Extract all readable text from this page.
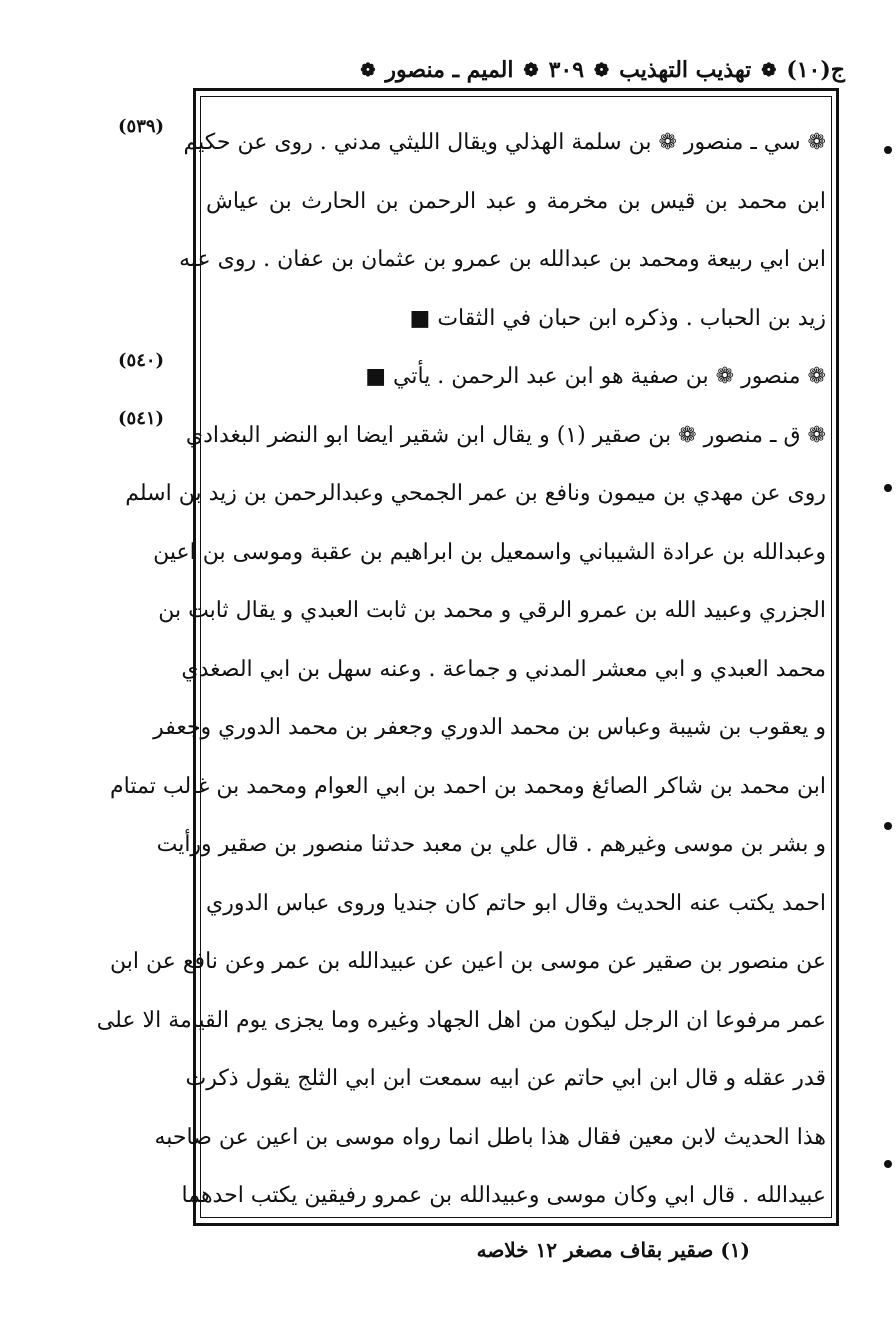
ج(١٠)
❁
تهذيب التهذيب
❁
٣٠٩
❁
الميم ـ منصور
❁
(٥٣٩)
(٥٤٠)
(٥٤١)
❁ سي ـ منصور ❁ بن سلمة الهذلي ويقال الليثي مدني . روى عن حكيم
ابن محمد بن قيس بن مخرمة و عبد الرحمن بن الحارث بن عياش
ابن ابي ربيعة ومحمد بن عبدالله بن عمرو بن عثمان بن عفان . روى عنه
زيد بن الحباب . وذكره ابن حبان في الثقات ■
❁ منصور ❁ بن صفية هو ابن عبد الرحمن . يأتي ■
❁ ق ـ منصور ❁ بن صقير (١) و يقال ابن شقير ايضا ابو النضر البغدادي
روى عن مهدي بن ميمون ونافع بن عمر الجمحي وعبدالرحمن بن زيد بن اسلم
وعبدالله بن عرادة الشيباني واسمعيل بن ابراهيم بن عقبة وموسى بن اعين
الجزري وعبيد الله بن عمرو الرقي و محمد بن ثابت العبدي و يقال ثابت بن
محمد العبدي و ابي معشر المدني و جماعة . وعنه سهل بن ابي الصغدي
و يعقوب بن شيبة وعباس بن محمد الدوري وجعفر بن محمد الدوري وجعفر
ابن محمد بن شاكر الصائغ ومحمد بن احمد بن ابي العوام ومحمد بن غالب تمتام
و بشر بن موسى وغيرهم . قال علي بن معبد حدثنا منصور بن صقير ورأيت
احمد يكتب عنه الحديث وقال ابو حاتم كان جنديا وروى عباس الدوري
عن منصور بن صقير عن موسى بن اعين عن عبيدالله بن عمر وعن نافع عن ابن
عمر مرفوعا ان الرجل ليكون من اهل الجهاد وغيره وما يجزى يوم القيامة الا على
قدر عقله و قال ابن ابي حاتم عن ابيه سمعت ابن ابي الثلج يقول ذكرت
هذا الحديث لابن معين فقال هذا باطل انما رواه موسى بن اعين عن صاحبه
عبيدالله . قال ابي وكان موسى وعبيدالله بن عمرو رفيقين يكتب احدهما
(١) صقير بقاف مصغر ١٢ خلاصه
